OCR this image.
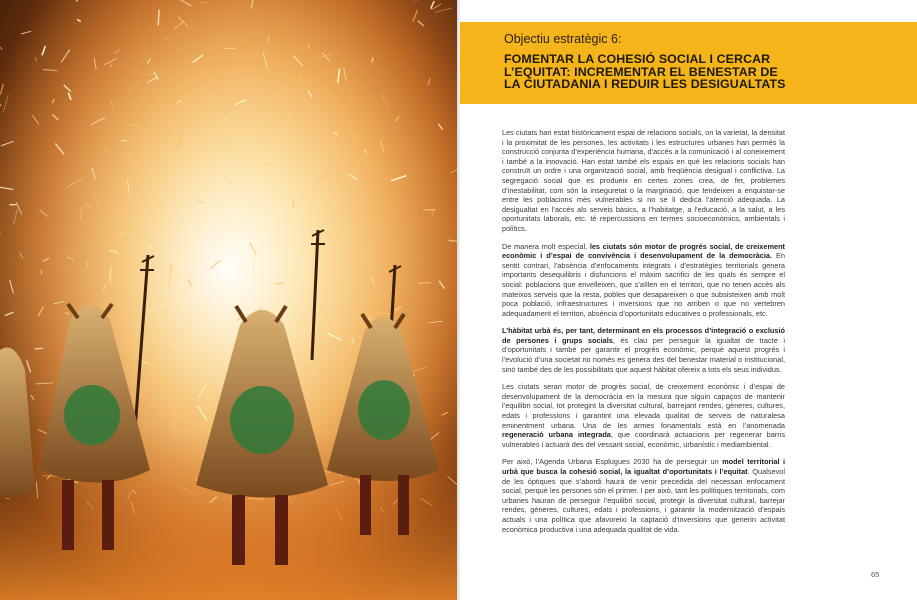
Objectiu estratègic 6:
FOMENTAR LA COHESIÓ SOCIAL I CERCAR
L’EQUITAT: INCREMENTAR EL BENESTAR DE
LA CIUTADANIA I REDUIR LES DESIGUALTATS

Les ciutats han estat històricament espai de relacions socials, on la varietat, la densitat i la proximitat de les persones, les activitats i les estructures urbanes han permès la construcció conjunta d’experiència humana, d’accés a la comunicació i al coneixement i també a la innovació. Han estat també els espais en què les relacions socials han construït un ordre i una organització social, amb freqüència desigual i conflictiva. La segregació social que es produeix en certes zones crea, de fet, problemes d’inestabilitat, com són la inseguretat o la marginació, que tendeixen a enquistar-se entre les poblacions més vulnerables si no se li dedica l’atenció adequada. La desigualtat en l’accés als serveis bàsics, a l’habitatge, a l’educació, a la salut, a les oportunitats laborals, etc. té repercussions en termes socioeconòmics, ambientals i polítics.

De manera molt especial, les ciutats són motor de progrés social, de creixement econòmic i d’espai de convivència i desenvolupament de la democràcia. En sentit contrari, l’absència d’enfocaments integrats i d’estratègies territorials genera importants desequilibris i disfuncions el màxim sacrifici de les quals és sempre el social: poblacions que envelleixen, que s’aïllen en el territori, que no tenen accés als mateixos serveis que la resta, pobles que desapareixen o que subsisteixen amb molt poca població, infraestructures i inversions que no arriben o que no vertebren adequadament el territori, absència d’oportunitats educatives o professionals, etc.

L’hàbitat urbà és, per tant, determinant en els processos d’integració o exclusió de persones i grups socials, és clau per perseguir la igualtat de tracte i d’oportunitats i també per garantir el progrés econòmic, perquè aquest progrés i l’evolució d’una societat no només es genera des del benestar material o institucional, sinó també des de les possibilitats que aquest hàbitat ofereix a tots els seus individus.

Les ciutats seran motor de progrés social, de creixement econòmic i d’espai de desenvolupament de la democràcia en la mesura que siguin capaços de mantenir l’equilibri social, tot protegint la diversitat cultural, barrejant rendes, gèneres, cultures, edats i professions i garantint una elevada qualitat de serveis de naturalesa eminentment urbana. Una de les armes fonamentals està en l’anomenada regeneració urbana integrada, que coordinarà actuacions per regenerar barris vulnerables i actuarà des del vessant social, econòmic, urbanístic i mediambiental.

Per això, l’Agenda Urbana Esplugues 2030 ha de perseguir un model territorial i urbà que busca la cohesió social, la igualtat d’oportunitats i l’equitat. Qualsevol de les òptiques que s’abordi haurà de venir precedida del necessari enfocament social, perquè les persones són el primer. I per això, tant les polítiques territorials, com urbanes hauran de perseguir l’equilibri social, protegir la diversitat cultural, barrejar rendes, gèneres, cultures, edats i professions, i garantir la modernització d’espais actuals i una política que afavoreixi la captació d’inversions que generin activitat econòmica productiva i una adequada qualitat de vida.

65
